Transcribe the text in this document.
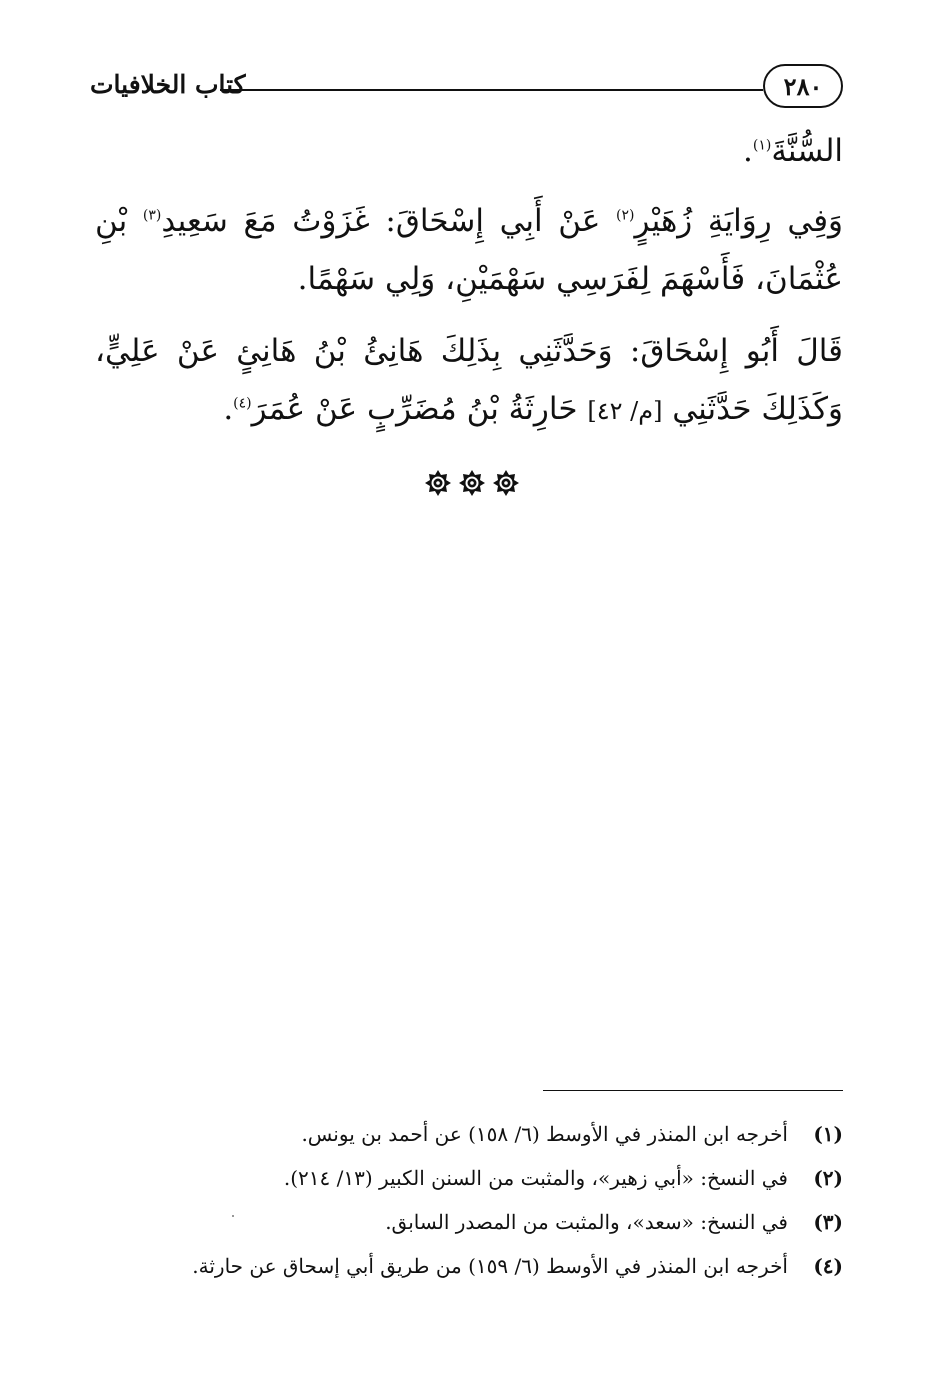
٢٨٠
كتاب الخلافيات

السُّنَّةَ$^{(١)}$.

وَفِي رِوَايَةِ زُهَيْرٍ$^{(٢)}$ عَنْ أَبِي إِسْحَاقَ: غَزَوْتُ مَعَ سَعِيدِ$^{(٣)}$ بْنِ عُثْمَانَ، فَأَسْهَمَ لِفَرَسِي سَهْمَيْنِ، وَلِي سَهْمًا.

قَالَ أَبُو إِسْحَاقَ: وَحَدَّثَنِي بِذَلِكَ هَانِئُ بْنُ هَانِئٍ عَنْ عَلِيٍّ، وَكَذَلِكَ حَدَّثَنِي [م/ ٤٢] حَارِثَةُ بْنُ مُضَرِّبٍ عَنْ عُمَرَ$^{(٤)}$.

(١)
أخرجه ابن المنذر في الأوسط (٦/ ١٥٨) عن أحمد بن يونس.
(٢)
في النسخ: «أبي زهير»، والمثبت من السنن الكبير (١٣/ ٢١٤).
(٣)
في النسخ: «سعد»، والمثبت من المصدر السابق.
(٤)
أخرجه ابن المنذر في الأوسط (٦/ ١٥٩) من طريق أبي إسحاق عن حارثة.
